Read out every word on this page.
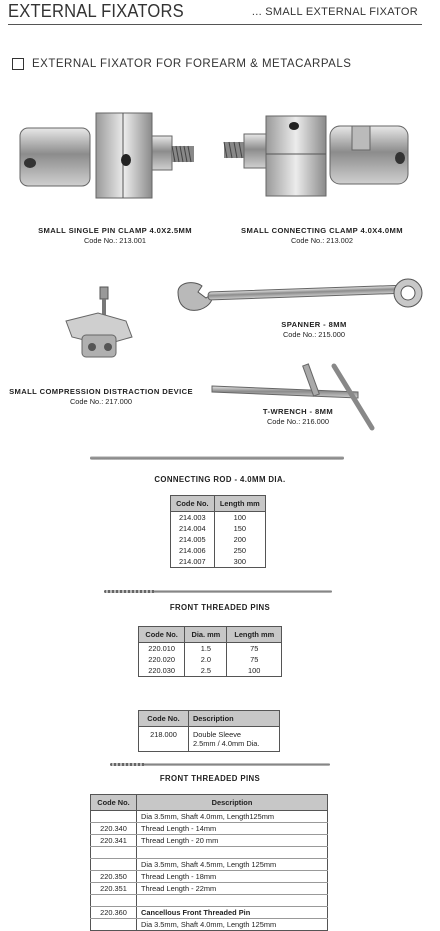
EXTERNAL FIXATORS	... SMALL EXTERNAL FIXATOR
EXTERNAL FIXATOR FOR FOREARM & METACARPALS
SMALL SINGLE PIN CLAMP 4.0X2.5MM
Code No.: 213.001
SMALL CONNECTING CLAMP 4.0X4.0MM
Code No.: 213.002
SPANNER - 8MM
Code No.: 215.000
SMALL COMPRESSION DISTRACTION DEVICE
Code No.: 217.000
T-WRENCH - 8MM
Code No.: 216.000
CONNECTING ROD - 4.0MM DIA.
Code No.	Length mm
214.003	100
214.004	150
214.005	200
214.006	250
214.007	300
FRONT THREADED PINS
Code No.	Dia. mm	Length mm
220.010	1.5	75
220.020	2.0	75
220.030	2.5	100
Code No.	Description
218.000	Double Sleeve
2.5mm / 4.0mm Dia.
FRONT THREADED PINS
Code No.	Description
	Dia 3.5mm, Shaft 4.0mm, Length125mm
220.340	Thread Length - 14mm
220.341	Thread Length - 20 mm

	Dia 3.5mm, Shaft 4.5mm, Length 125mm
220.350	Thread Length - 18mm
220.351	Thread Length - 22mm

220.360	Cancellous Front Threaded Pin
	Dia 3.5mm, Shaft 4.0mm, Length 125mm
